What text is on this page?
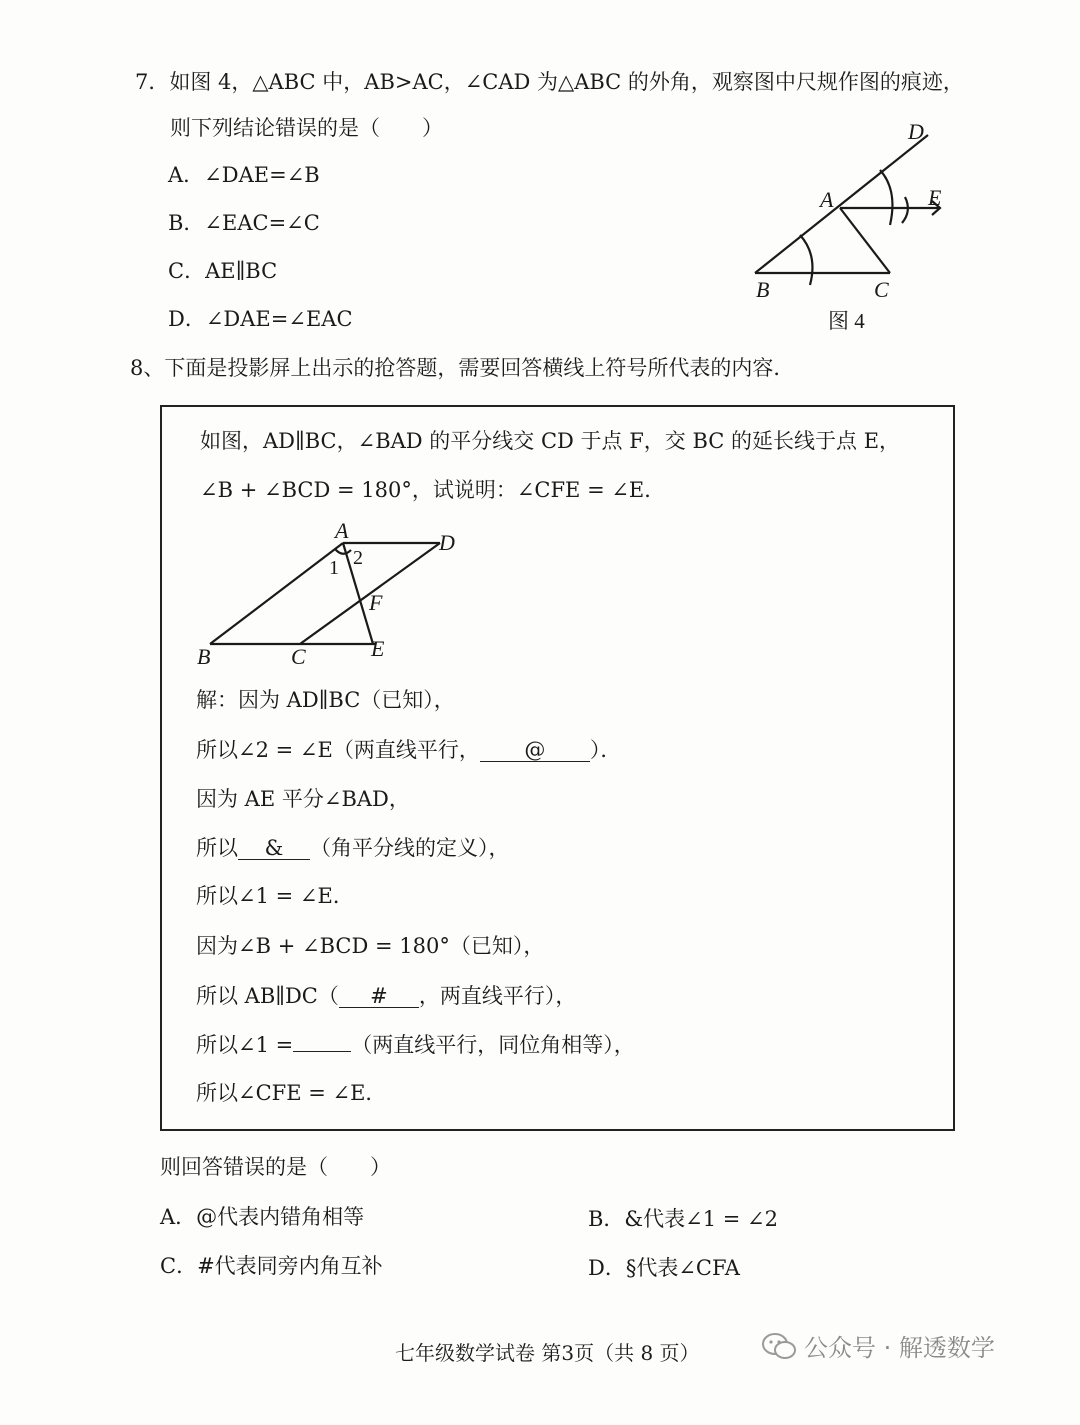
7．如图 4，△ABC 中，AB>AC，∠CAD 为△ABC 的外角，观察图中尺规作图的痕迹，
则下列结论错误的是（　　）
A．∠DAE=∠B
B．∠EAC=∠C
C．AE∥BC
D．∠DAE=∠EAC
D
A	E
B	C
图 4
8、下面是投影屏上出示的抢答题，需要回答横线上符号所代表的内容．
如图，AD∥BC，∠BAD 的平分线交 CD 于点 F，交 BC 的延长线于点 E，
∠B + ∠BCD = 180°，试说明：∠CFE = ∠E．
A	D
1 2
F
B	C	E
解：因为 AD∥BC（已知），
所以∠2 = ∠E（两直线平行， @ ）．
因为 AE 平分∠BAD，
所以 & （角平分线的定义），
所以∠1 = ∠E．
因为∠B + ∠BCD = 180°（已知），
所以 AB∥DC（ # ，两直线平行），
所以∠1 =	（两直线平行，同位角相等），
所以∠CFE = ∠E．
则回答错误的是（　　）
A．@代表内错角相等	B．&代表∠1 = ∠2
C．#代表同旁内角互补	D．§代表∠CFA
七年级数学试卷 第3页（共 8 页）	公众号 · 解透数学
